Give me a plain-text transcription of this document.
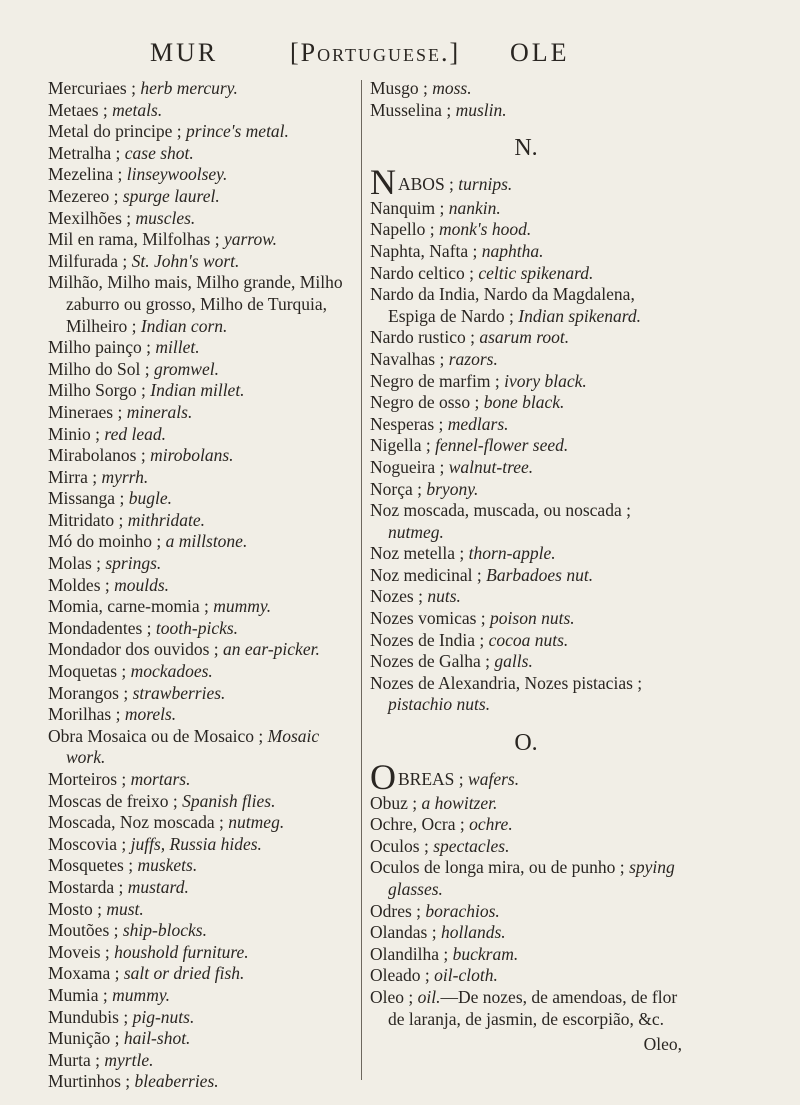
MUR	[Portuguese.] OLE
Mercuriaes ; herb mercury.
Metaes ; metals.
Metal do principe ; prince's metal.
Metralha ; case shot.
Mezelina ; linseywoolsey.
Mezereo ; spurge laurel.
Mexilhões ; muscles.
Mil en rama, Milfolhas ; yarrow.
Milfurada ; St. John's wort.
Milhão, Milho mais, Milho grande, Milho zaburro ou grosso, Milho de Turquia, Milheiro ; Indian corn.
Milho painço ; millet.
Milho do Sol ; gromwel.
Milho Sorgo ; Indian millet.
Mineraes ; minerals.
Minio ; red lead.
Mirabolanos ; mirobolans.
Mirra ; myrrh.
Missanga ; bugle.
Mitridato ; mithridate.
Mó do moinho ; a millstone.
Molas ; springs.
Moldes ; moulds.
Momia, carne-momia ; mummy.
Mondadentes ; tooth-picks.
Mondador dos ouvidos ; an ear-picker.
Moquetas ; mockadoes.
Morangos ; strawberries.
Morilhas ; morels.
Obra Mosaica ou de Mosaico ; Mosaic work.
Morteiros ; mortars.
Moscas de freixo ; Spanish flies.
Moscada, Noz moscada ; nutmeg.
Moscovia ; juffs, Russia hides.
Mosquetes ; muskets.
Mostarda ; mustard.
Mosto ; must.
Moutões ; ship-blocks.
Moveis ; houshold furniture.
Moxama ; salt or dried fish.
Mumia ; mummy.
Mundubis ; pig-nuts.
Munição ; hail-shot.
Murta ; myrtle.
Murtinhos ; bleaberries.
Musgo ; moss.
Musselina ; muslin.
N.
NABOS ; turnips.
Nanquim ; nankin.
Napello ; monk's hood.
Naphta, Nafta ; naphtha.
Nardo celtico ; celtic spikenard.
Nardo da India, Nardo da Magdalena, Espiga de Nardo ; Indian spikenard.
Nardo rustico ; asarum root.
Navalhas ; razors.
Negro de marfim ; ivory black.
Negro de osso ; bone black.
Nesperas ; medlars.
Nigella ; fennel-flower seed.
Nogueira ; walnut-tree.
Norça ; bryony.
Noz moscada, muscada, ou noscada ; nutmeg.
Noz metella ; thorn-apple.
Noz medicinal ; Barbadoes nut.
Nozes ; nuts.
Nozes vomicas ; poison nuts.
Nozes de India ; cocoa nuts.
Nozes de Galha ; galls.
Nozes de Alexandria, Nozes pistacias ; pistachio nuts.
O.
OBREAS ; wafers.
Obuz ; a howitzer.
Ochre, Ocra ; ochre.
Oculos ; spectacles.
Oculos de longa mira, ou de punho ; spying glasses.
Odres ; borachios.
Olandas ; hollands.
Olandilha ; buckram.
Oleado ; oil-cloth.
Oleo ; oil.—De nozes, de amendoas, de flor de laranja, de jasmin, de escorpião, &c.
Oleo,
